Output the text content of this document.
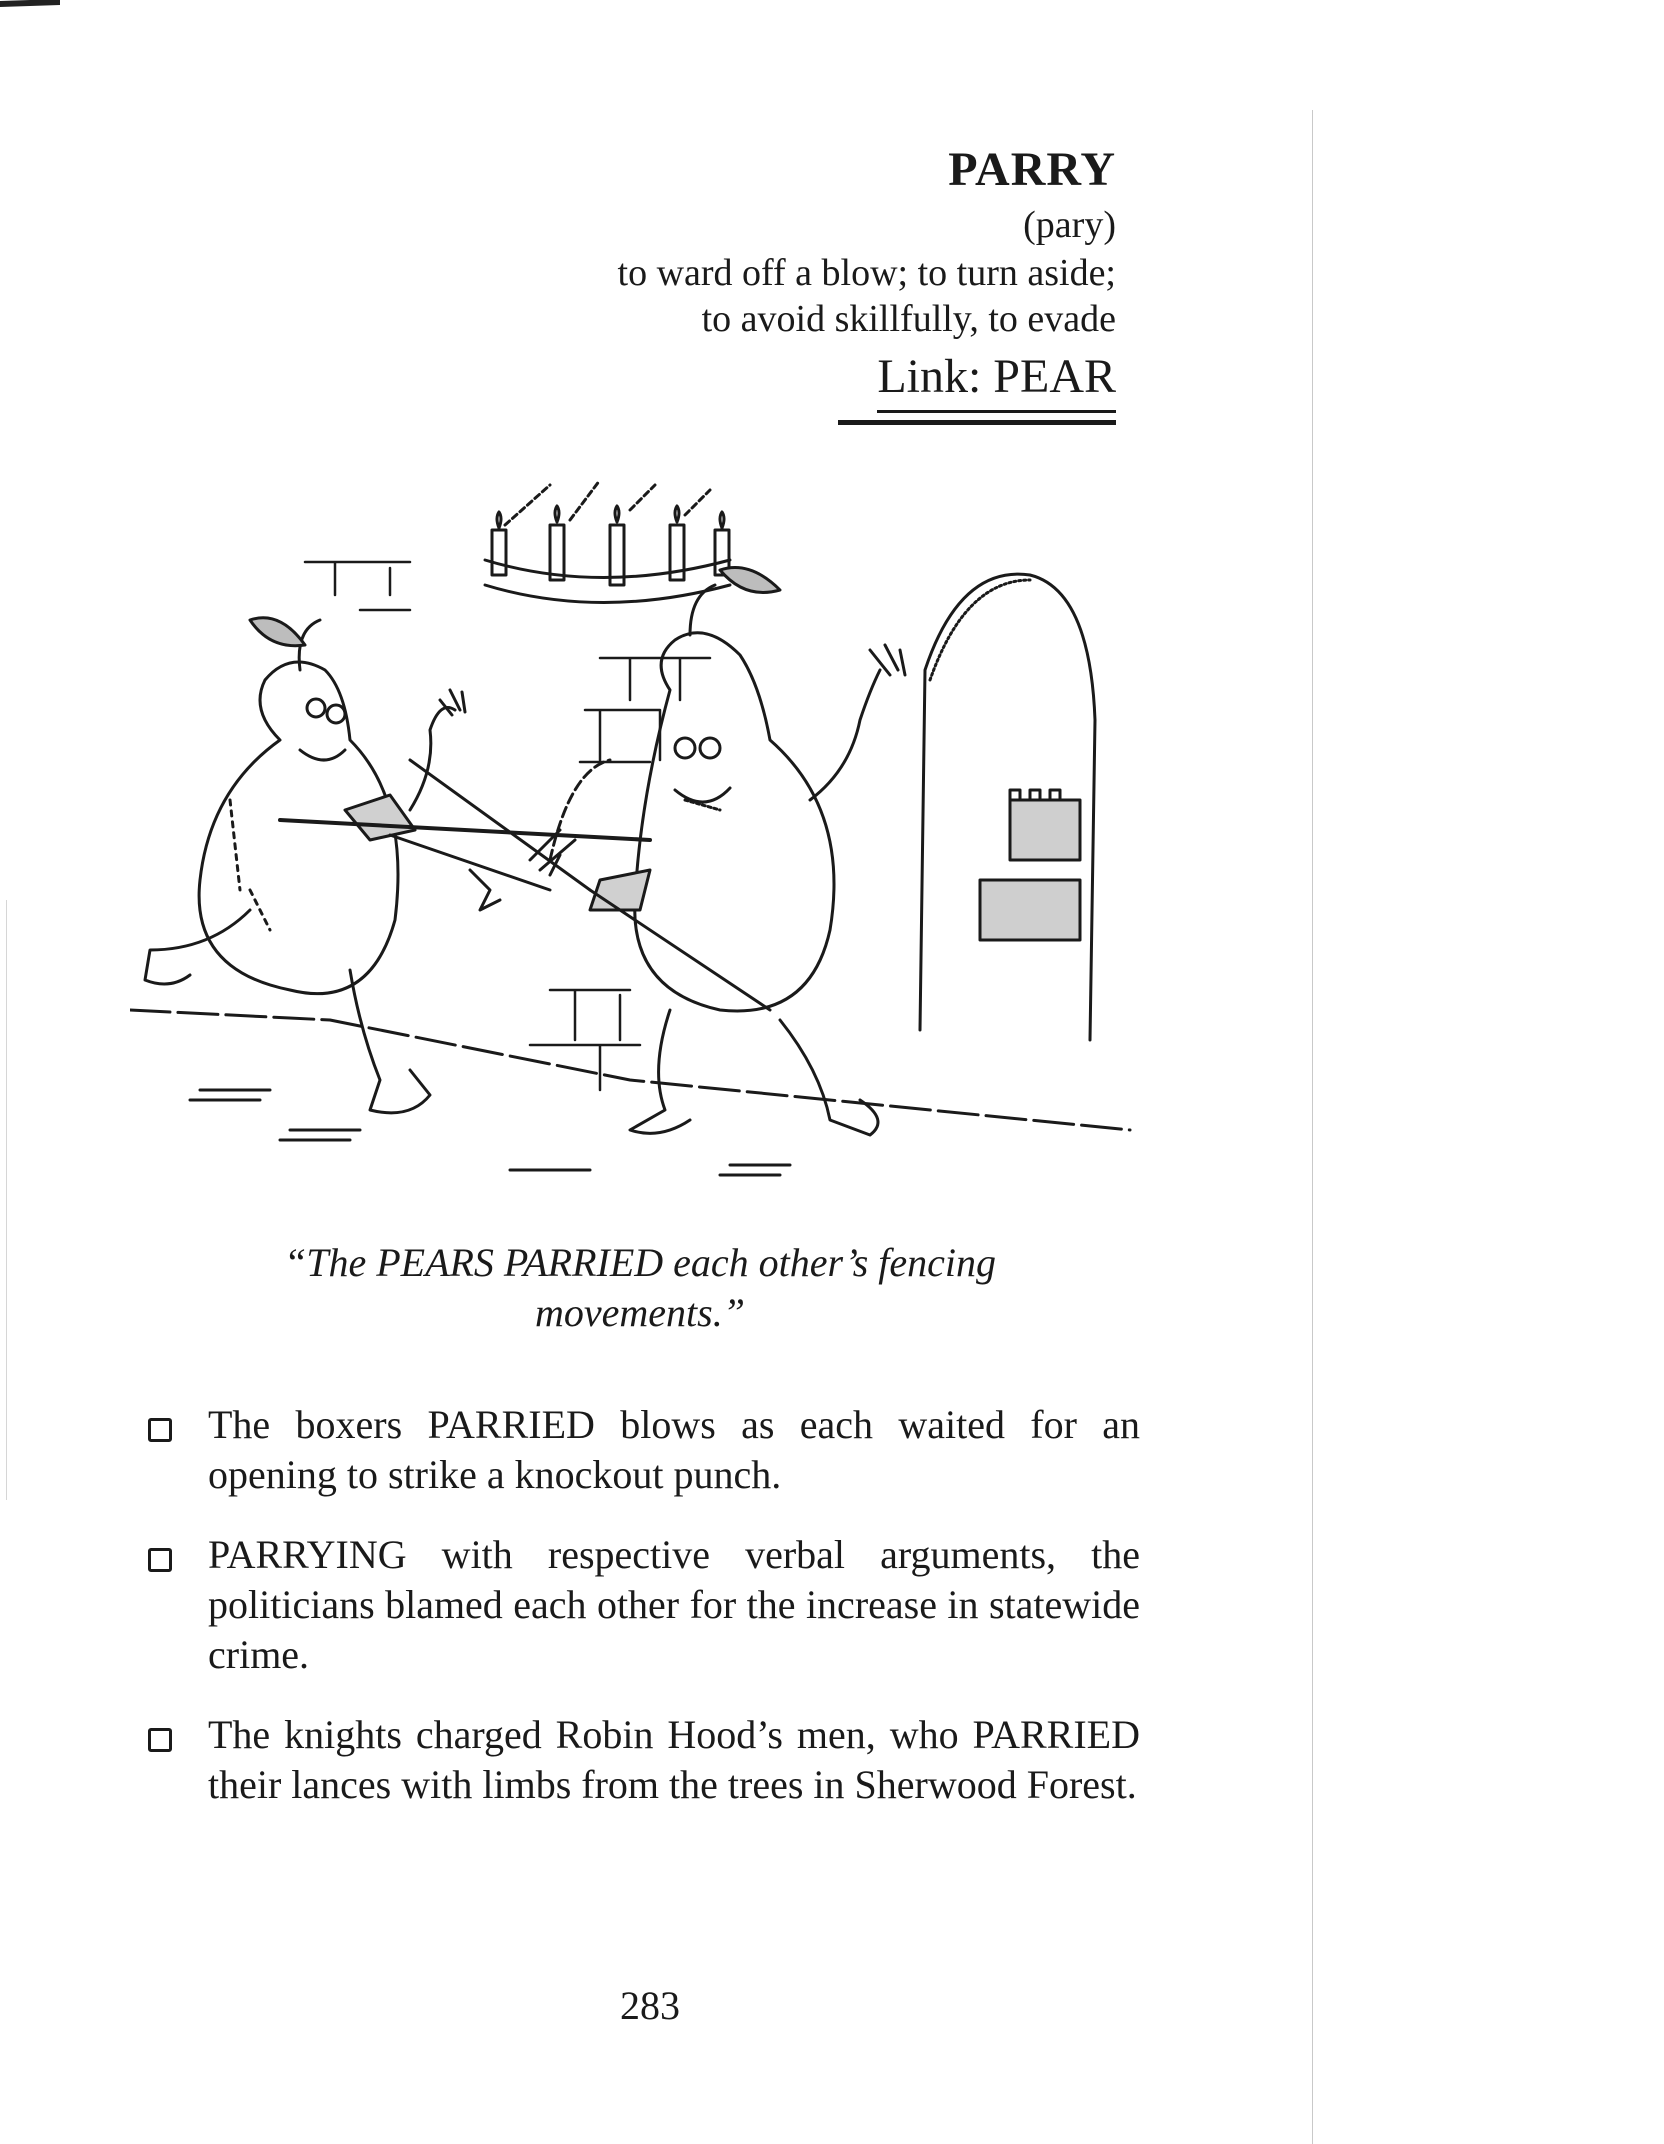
PARRY
(pary)
to ward off a blow; to turn aside;
to avoid skillfully, to evade
Link: PEAR
“The PEARS PARRIED each other’s fencing
movements.”
The boxers PARRIED blows as each waited for an opening to strike a knockout punch.
PARRYING with respective verbal arguments, the politicians blamed each other for the increase in statewide crime.
The knights charged Robin Hood’s men, who PARRIED their lances with limbs from the trees in Sherwood Forest.
283
